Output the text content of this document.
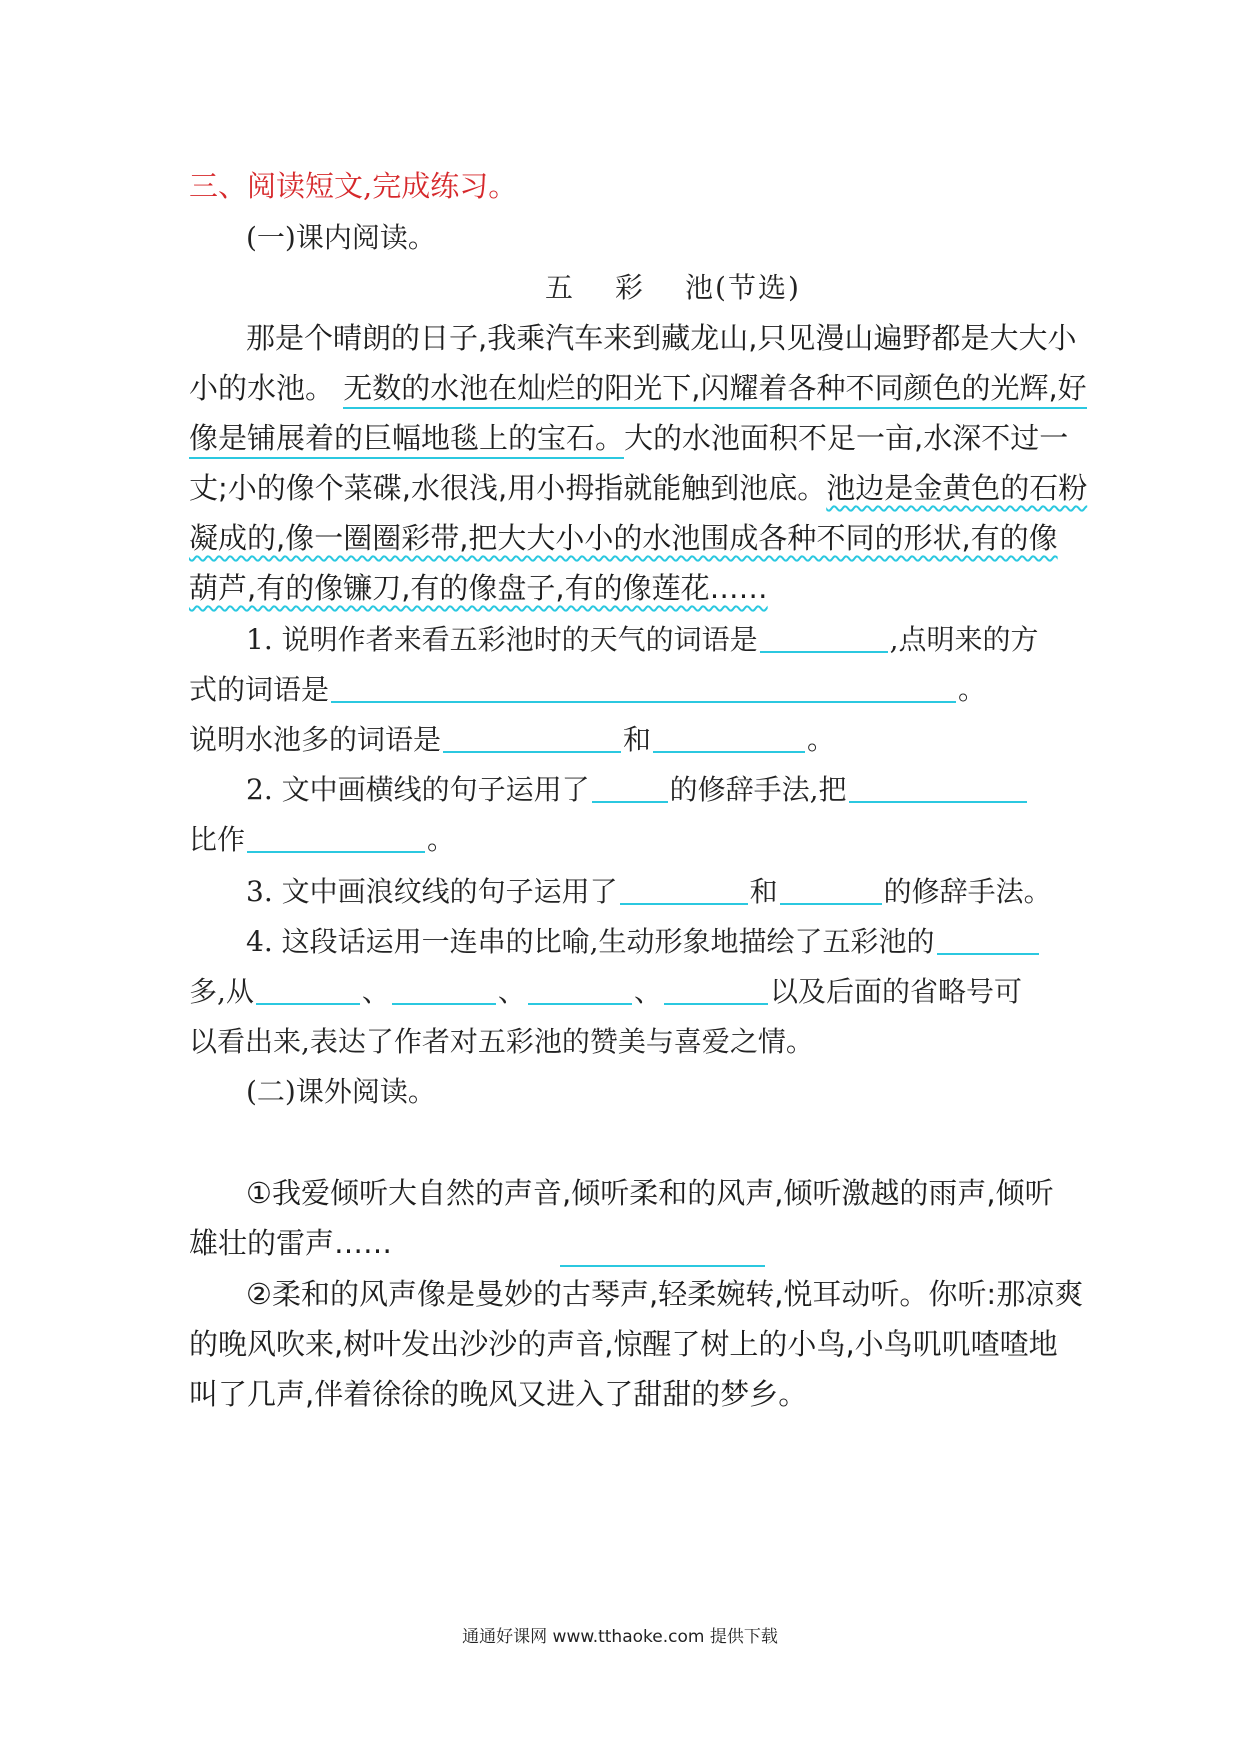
三、阅读短文,完成练习。
(一)课内阅读。
五 彩 池(节选)
那是个晴朗的日子,我乘汽车来到藏龙山,只见漫山遍野都是大大小
小的水池。 无数的水池在灿烂的阳光下,闪耀着各种不同颜色的光辉,好
像是铺展着的巨幅地毯上的宝石。大的水池面积不足一亩,水深不过一
丈;小的像个菜碟,水很浅,用小拇指就能触到池底。池边是金黄色的石粉
凝成的,像一圈圈彩带,把大大小小的水池围成各种不同的形状,有的像
葫芦,有的像镰刀,有的像盘子,有的像莲花……
1. 说明作者来看五彩池时的天气的词语是	,点明来的方
式的词语是	。
说明水池多的词语是	和	。
2. 文中画横线的句子运用了	的修辞手法,把
比作	。
3. 文中画浪纹线的句子运用了	和	的修辞手法。
4. 这段话运用一连串的比喻,生动形象地描绘了五彩池的
多,从	、	、	、	以及后面的省略号可
以看出来,表达了作者对五彩池的赞美与喜爱之情。
(二)课外阅读。
①我爱倾听大自然的声音,倾听柔和的风声,倾听激越的雨声,倾听
雄壮的雷声……
②柔和的风声像是曼妙的古琴声,轻柔婉转,悦耳动听。你听:那凉爽
的晚风吹来,树叶发出沙沙的声音,惊醒了树上的小鸟,小鸟叽叽喳喳地
叫了几声,伴着徐徐的晚风又进入了甜甜的梦乡。
通通好课网 www.tthaoke.com 提供下载
